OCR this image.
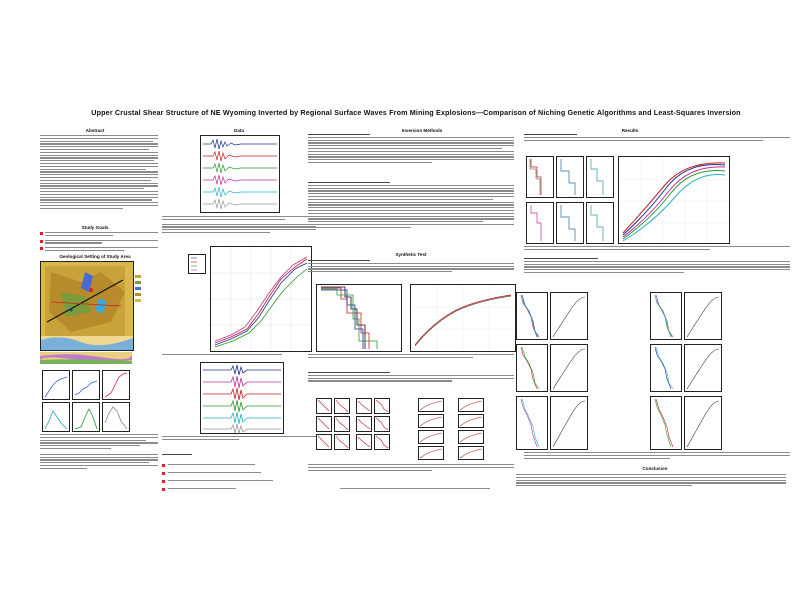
Upper Crustal Shear Structure of NE Wyoming Inverted by Regional Surface Waves From Mining Explosions—Comparison of Niching Genetic Algorithms and Least-Squares Inversion
Abstract
Study Goals
Geological Setting of Study Area
Data	Inversion Methods
Synthetic Test
Results
Conclusion
